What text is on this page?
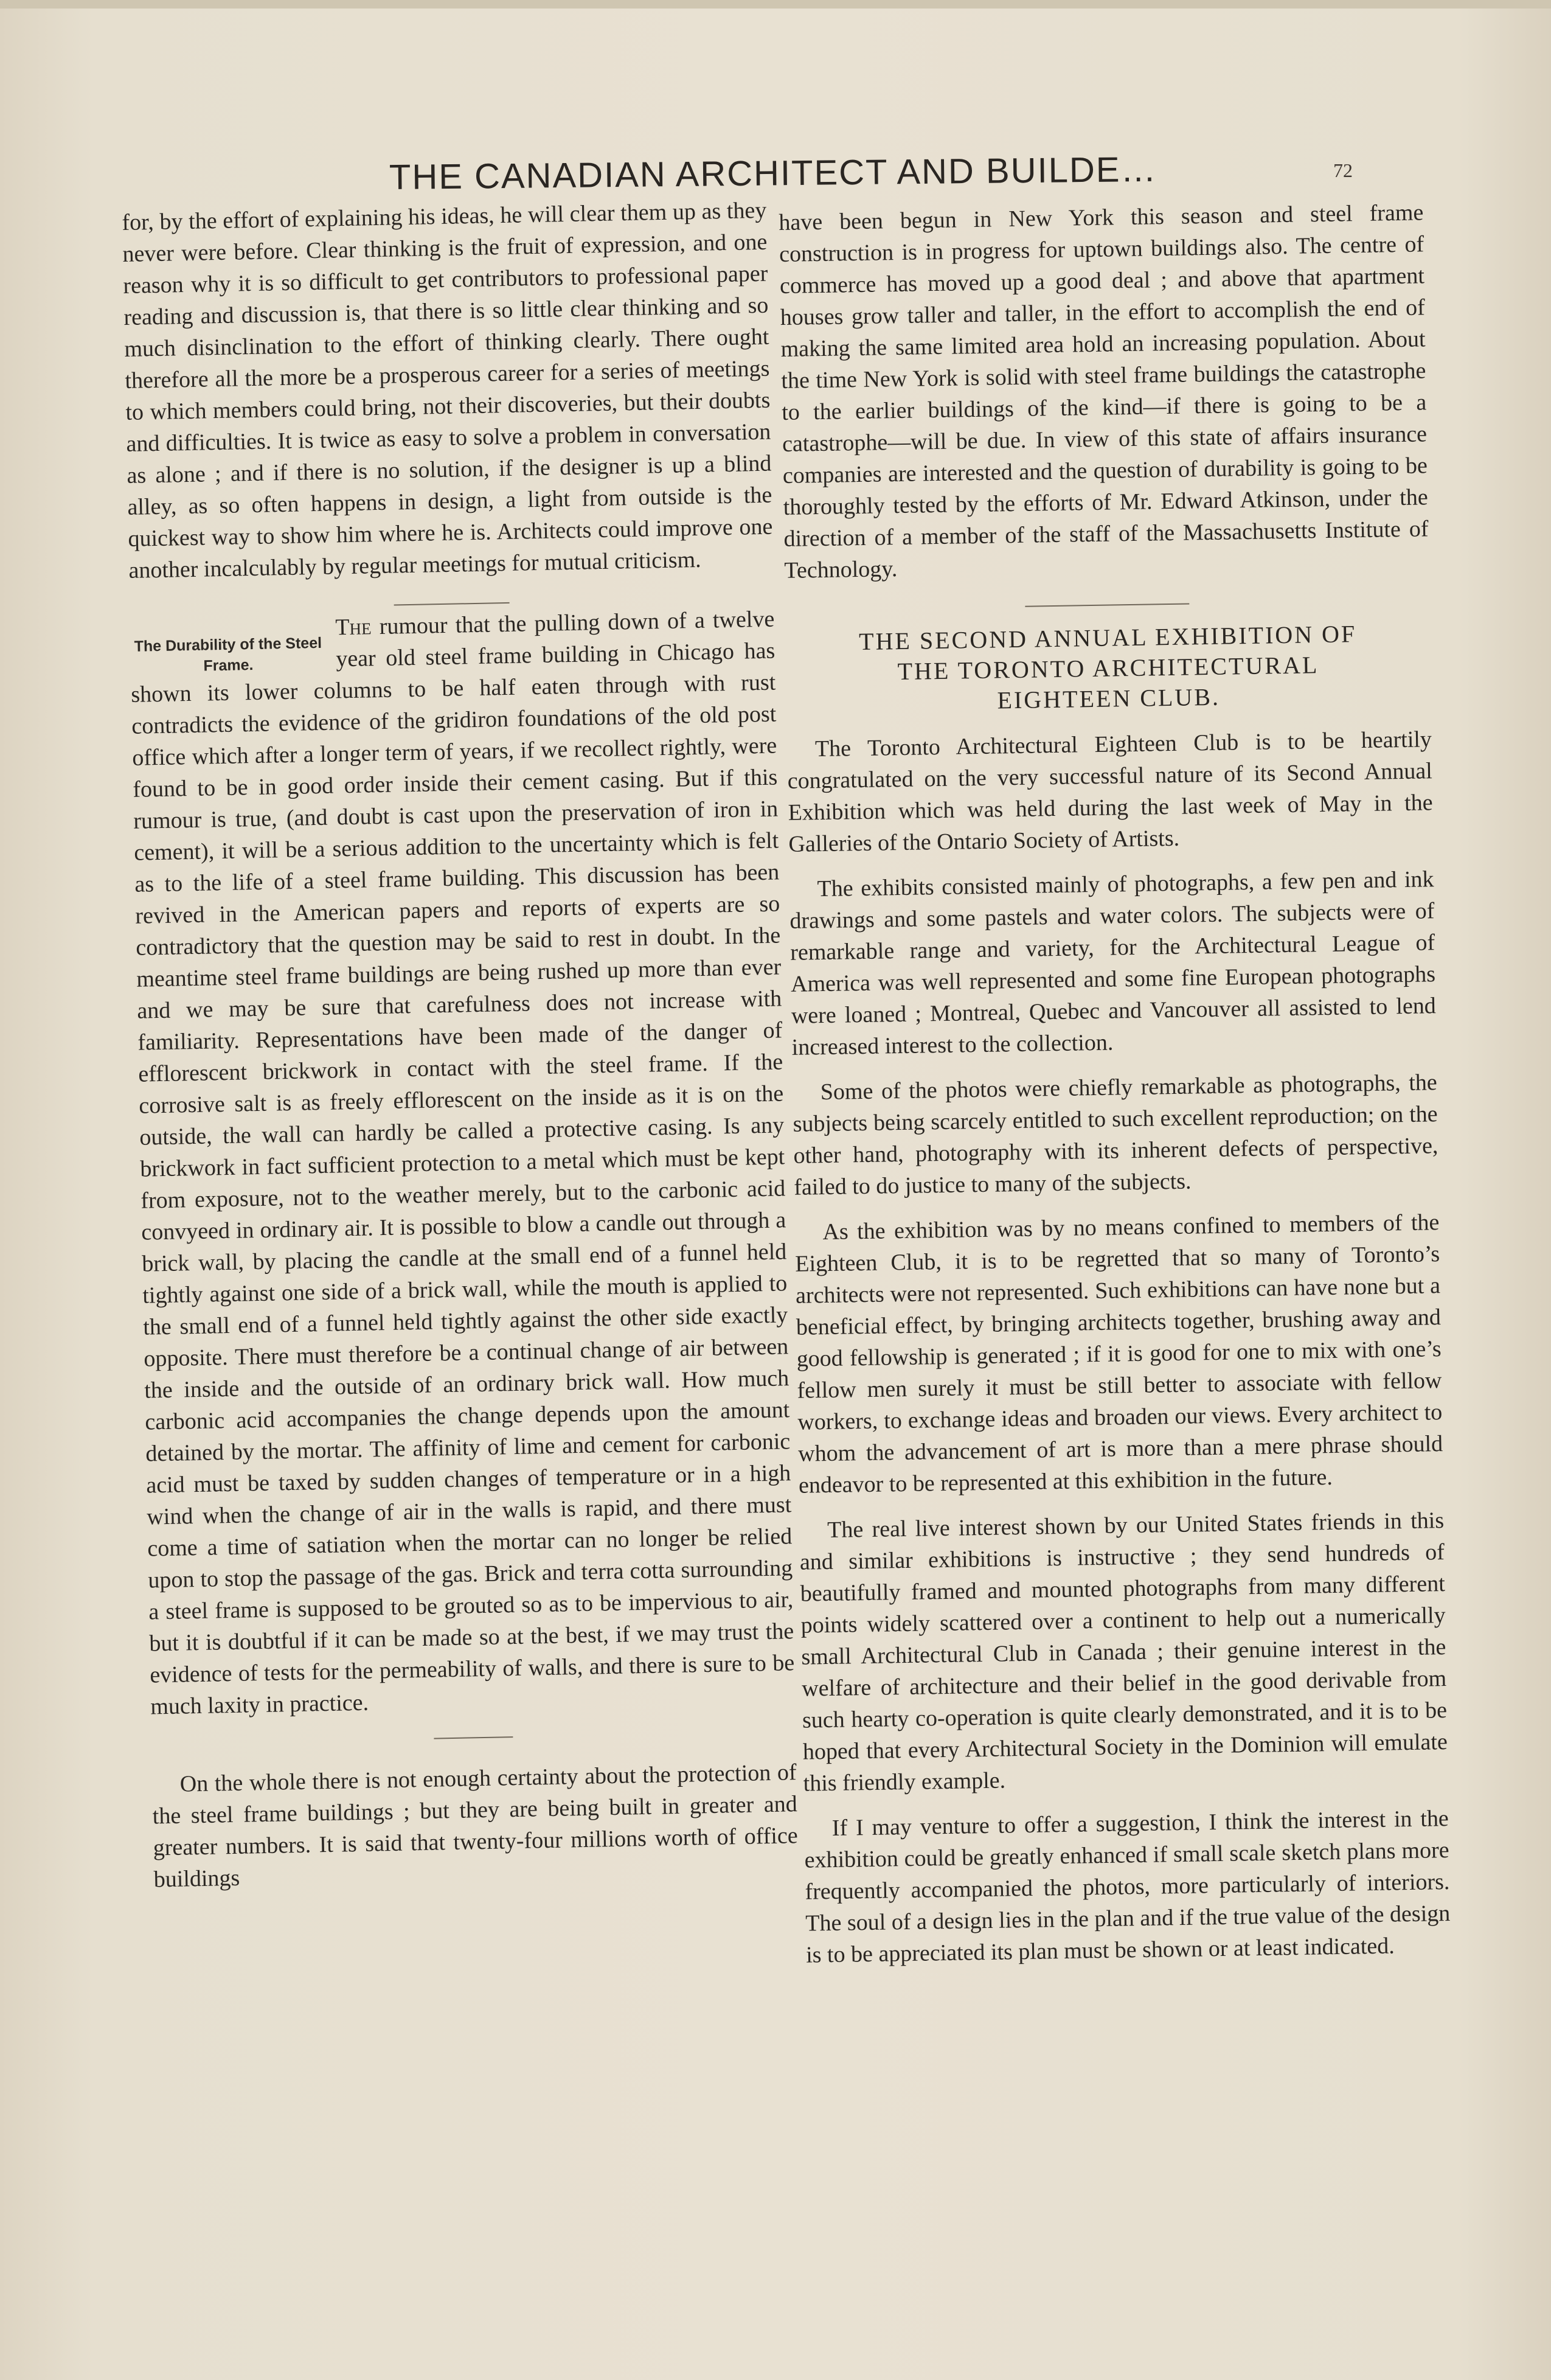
THE CANADIAN ARCHITECT AND BUILDE…	72

for, by the effort of explaining his ideas, he will clear them up as they never were before. Clear thinking is the fruit of expression, and one reason why it is so difficult to get contributors to professional paper reading and discussion is, that there is so little clear thinking and so much disinclination to the effort of thinking clearly. There ought therefore all the more be a prosperous career for a series of meetings to which members could bring, not their discoveries, but their doubts and difficulties. It is twice as easy to solve a problem in conversation as alone ; and if there is no solution, if the designer is up a blind alley, as so often happens in design, a light from outside is the quickest way to show him where he is. Architects could improve one another incalculably by regular meetings for mutual criticism.

The Durability of the Steel Frame.

The rumour that the pulling down of a twelve year old steel frame building in Chicago has shown its lower columns to be half eaten through with rust contradicts the evidence of the gridiron foundations of the old post office which after a longer term of years, if we recollect rightly, were found to be in good order inside their cement casing. But if this rumour is true, (and doubt is cast upon the preservation of iron in cement), it will be a serious addition to the uncertainty which is felt as to the life of a steel frame building. This discussion has been revived in the American papers and reports of experts are so contradictory that the question may be said to rest in doubt. In the meantime steel frame buildings are being rushed up more than ever and we may be sure that carefulness does not increase with familiarity. Representations have been made of the danger of efflorescent brickwork in contact with the steel frame. If the corrosive salt is as freely efflorescent on the inside as it is on the outside, the wall can hardly be called a protective casing. Is any brickwork in fact sufficient protection to a metal which must be kept from exposure, not to the weather merely, but to the carbonic acid convyeed in ordinary air. It is possible to blow a candle out through a brick wall, by placing the candle at the small end of a funnel held tightly against one side of a brick wall, while the mouth is applied to the small end of a funnel held tightly against the other side exactly opposite. There must therefore be a continual change of air between the inside and the outside of an ordinary brick wall. How much carbonic acid accompanies the change depends upon the amount detained by the mortar. The affinity of lime and cement for carbonic acid must be taxed by sudden changes of temperature or in a high wind when the change of air in the walls is rapid, and there must come a time of satiation when the mortar can no longer be relied upon to stop the passage of the gas. Brick and terra cotta surrounding a steel frame is supposed to be grouted so as to be impervious to air, but it is doubtful if it can be made so at the best, if we may trust the evidence of tests for the permeability of walls, and there is sure to be much laxity in practice.

On the whole there is not enough certainty about the protection of the steel frame buildings ; but they are being built in greater and greater numbers. It is said that twenty-four millions worth of office buildings

have been begun in New York this season and steel frame construction is in progress for uptown buildings also. The centre of commerce has moved up a good deal ; and above that apartment houses grow taller and taller, in the effort to accomplish the end of making the same limited area hold an increasing population. About the time New York is solid with steel frame buildings the catastrophe to the earlier buildings of the kind—if there is going to be a catastrophe—will be due. In view of this state of affairs insurance companies are interested and the question of durability is going to be thoroughly tested by the efforts of Mr. Edward Atkinson, under the direction of a member of the staff of the Massachusetts Institute of Technology.

THE SECOND ANNUAL EXHIBITION OF
THE TORONTO ARCHITECTURAL
EIGHTEEN CLUB.

The Toronto Architectural Eighteen Club is to be heartily congratulated on the very successful nature of its Second Annual Exhibition which was held during the last week of May in the Galleries of the Ontario Society of Artists.

The exhibits consisted mainly of photographs, a few pen and ink drawings and some pastels and water colors. The subjects were of remarkable range and variety, for the Architectural League of America was well represented and some fine European photographs were loaned ; Montreal, Quebec and Vancouver all assisted to lend increased interest to the collection.

Some of the photos were chiefly remarkable as photographs, the subjects being scarcely entitled to such excellent reproduction; on the other hand, photography with its inherent defects of perspective, failed to do justice to many of the subjects.

As the exhibition was by no means confined to members of the Eighteen Club, it is to be regretted that so many of Toronto’s architects were not represented. Such exhibitions can have none but a beneficial effect, by bringing architects together, brushing away and good fellowship is generated ; if it is good for one to mix with one’s fellow men surely it must be still better to associate with fellow workers, to exchange ideas and broaden our views. Every architect to whom the advancement of art is more than a mere phrase should endeavor to be represented at this exhibition in the future.

The real live interest shown by our United States friends in this and similar exhibitions is instructive ; they send hundreds of beautifully framed and mounted photographs from many different points widely scattered over a continent to help out a numerically small Architectural Club in Canada ; their genuine interest in the welfare of architecture and their belief in the good derivable from such hearty co-operation is quite clearly demonstrated, and it is to be hoped that every Architectural Society in the Dominion will emulate this friendly example.

If I may venture to offer a suggestion, I think the interest in the exhibition could be greatly enhanced if small scale sketch plans more frequently accompanied the photos, more particularly of interiors. The soul of a design lies in the plan and if the true value of the design is to be appreciated its plan must be shown or at least indicated.
